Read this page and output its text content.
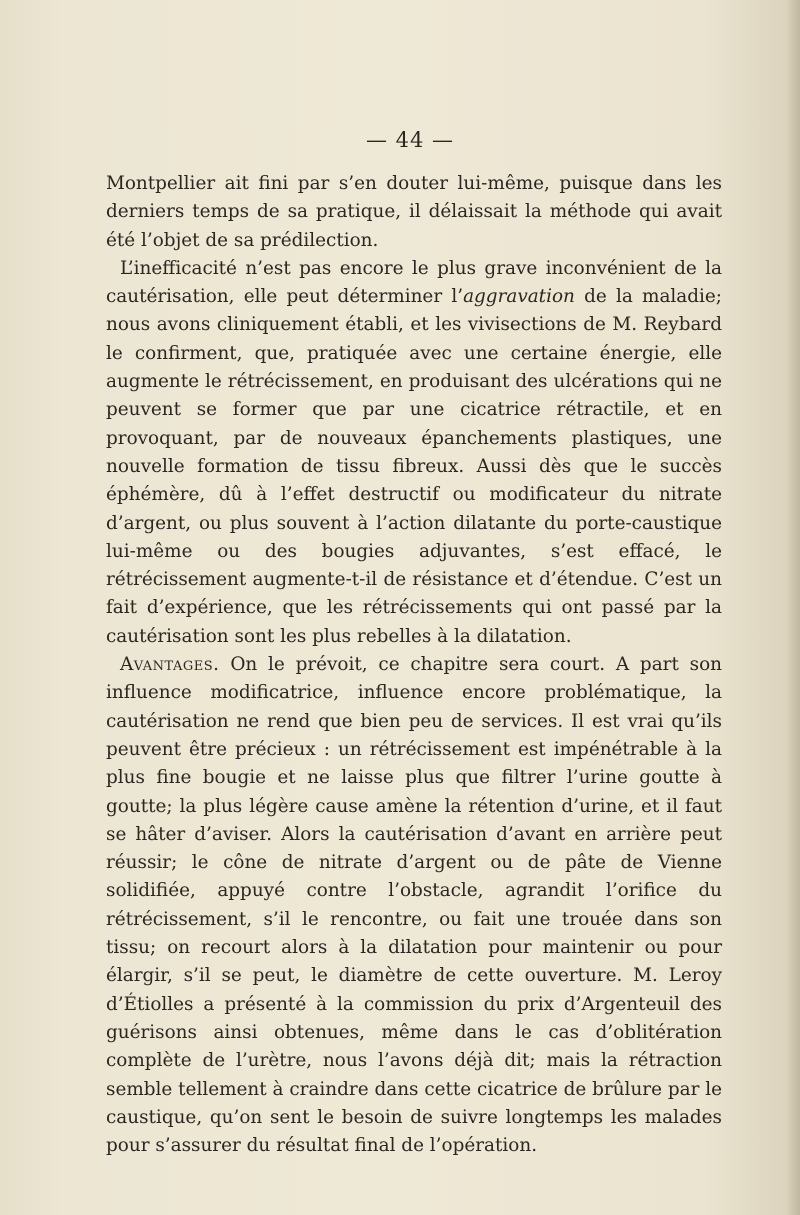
— 44 —

Montpellier ait fini par s’en douter lui-même, puisque dans les derniers temps de sa pratique, il délaissait la méthode qui avait été l’objet de sa prédilection.

L’inefficacité n’est pas encore le plus grave inconvénient de la cautérisation, elle peut déterminer l’aggravation de la maladie; nous avons cliniquement établi, et les vivisections de M. Reybard le confirment, que, pratiquée avec une certaine énergie, elle augmente le rétrécissement, en produisant des ulcérations qui ne peuvent se former que par une cicatrice rétractile, et en provoquant, par de nouveaux épanchements plastiques, une nouvelle formation de tissu fibreux. Aussi dès que le succès éphémère, dû à l’effet destructif ou modificateur du nitrate d’argent, ou plus souvent à l’action dilatante du porte-caustique lui-même ou des bougies adjuvantes, s’est effacé, le rétrécissement augmente-t-il de résistance et d’étendue. C’est un fait d’expérience, que les rétrécissements qui ont passé par la cautérisation sont les plus rebelles à la dilatation.

Avantages. On le prévoit, ce chapitre sera court. A part son influence modificatrice, influence encore problématique, la cautérisation ne rend que bien peu de services. Il est vrai qu’ils peuvent être précieux : un rétrécissement est impénétrable à la plus fine bougie et ne laisse plus que filtrer l’urine goutte à goutte; la plus légère cause amène la rétention d’urine, et il faut se hâter d’aviser. Alors la cautérisation d’avant en arrière peut réussir; le cône de nitrate d’argent ou de pâte de Vienne solidifiée, appuyé contre l’obstacle, agrandit l’orifice du rétrécissement, s’il le rencontre, ou fait une trouée dans son tissu; on recourt alors à la dilatation pour maintenir ou pour élargir, s’il se peut, le diamètre de cette ouverture. M. Leroy d’Étiolles a présenté à la commission du prix d’Argenteuil des guérisons ainsi obtenues, même dans le cas d’oblitération complète de l’urètre, nous l’avons déjà dit; mais la rétraction semble tellement à craindre dans cette cicatrice de brûlure par le caustique, qu’on sent le besoin de suivre longtemps les malades pour s’assurer du résultat final de l’opération.
